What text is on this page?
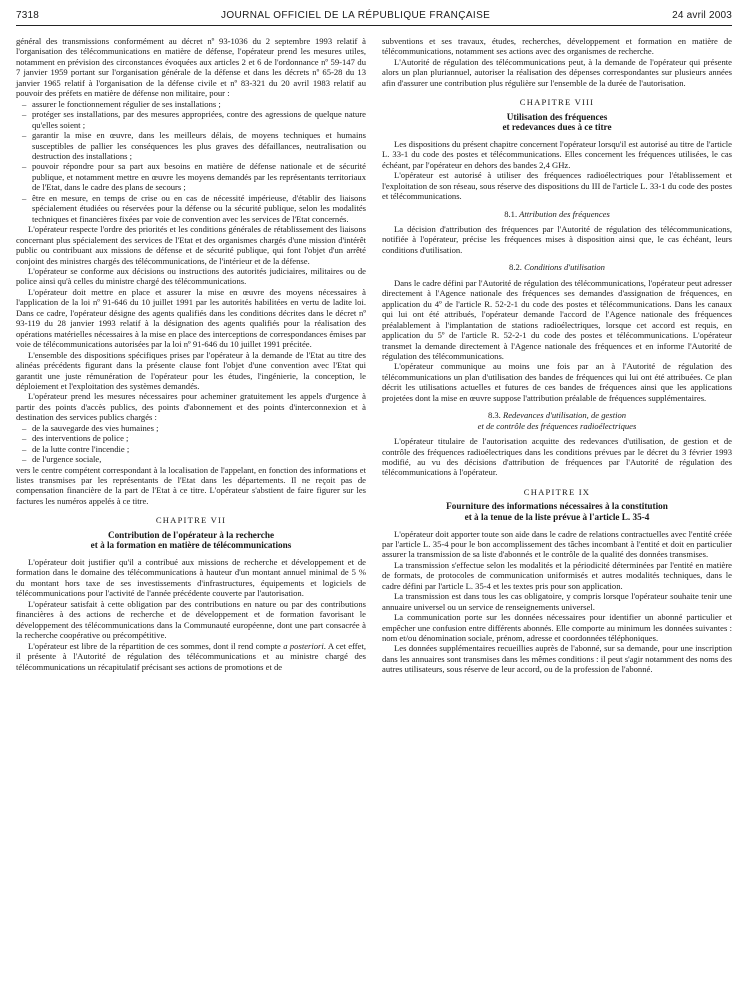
7318	JOURNAL OFFICIEL DE LA RÉPUBLIQUE FRANÇAISE	24 avril 2003

général des transmissions conformément au décret nº 93-1036 du 2 septembre 1993 relatif à l'organisation des télécommunications en matière de défense, l'opérateur prend les mesures utiles, notamment en prévision des circonstances évoquées aux articles 2 et 6 de l'ordonnance nº 59-147 du 7 janvier 1959 portant sur l'organisation générale de la défense et dans les décrets nº 65-28 du 13 janvier 1965 relatif à l'organisation de la défense civile et nº 83-321 du 20 avril 1983 relatif au pouvoir des préfets en matière de défense non militaire, pour :

– assurer le fonctionnement régulier de ses installations ;
– protéger ses installations, par des mesures appropriées, contre des agressions de quelque nature qu'elles soient ;
– garantir la mise en œuvre, dans les meilleurs délais, de moyens techniques et humains susceptibles de pallier les conséquences les plus graves des défaillances, neutralisation ou destruction des installations ;
– pouvoir répondre pour sa part aux besoins en matière de défense nationale et de sécurité publique, et notamment mettre en œuvre les moyens demandés par les représentants territoriaux de l'Etat, dans le cadre des plans de secours ;
– être en mesure, en temps de crise ou en cas de nécessité impérieuse, d'établir des liaisons spécialement étudiées ou réservées pour la défense ou la sécurité publique, selon les modalités techniques et financières fixées par voie de convention avec les services de l'Etat concernés.

L'opérateur respecte l'ordre des priorités et les conditions générales de rétablissement des liaisons concernant plus spécialement des services de l'Etat et des organismes chargés d'une mission d'intérêt public ou contribuant aux missions de défense et de sécurité publique, qui font l'objet d'un arrêté conjoint des ministres chargés des télécommunications, de l'intérieur et de la défense.

L'opérateur se conforme aux décisions ou instructions des autorités judiciaires, militaires ou de police ainsi qu'à celles du ministre chargé des télécommunications.

L'opérateur doit mettre en place et assurer la mise en œuvre des moyens nécessaires à l'application de la loi nº 91-646 du 10 juillet 1991 par les autorités habilitées en vertu de ladite loi. Dans ce cadre, l'opérateur désigne des agents qualifiés dans les conditions décrites dans le décret nº 93-119 du 28 janvier 1993 relatif à la désignation des agents qualifiés pour la réalisation des opérations matérielles nécessaires à la mise en place des interceptions de correspondances émises par voie de télécommunications autorisées par la loi nº 91-646 du 10 juillet 1991 précitée.

L'ensemble des dispositions spécifiques prises par l'opérateur à la demande de l'Etat au titre des alinéas précédents figurant dans la présente clause font l'objet d'une convention avec l'Etat qui garantit une juste rémunération de l'opérateur pour les études, l'ingénierie, la conception, le déploiement et l'exploitation des systèmes demandés.

L'opérateur prend les mesures nécessaires pour acheminer gratuitement les appels d'urgence à partir des points d'accès publics, des points d'abonnement et des points d'interconnexion et à destination des services publics chargés :

– de la sauvegarde des vies humaines ;
– des interventions de police ;
– de la lutte contre l'incendie ;
– de l'urgence sociale,

vers le centre compétent correspondant à la localisation de l'appelant, en fonction des informations et listes transmises par les représentants de l'Etat dans les départements. Il ne reçoit pas de compensation financière de la part de l'Etat à ce titre. L'opérateur s'abstient de faire figurer sur les factures les numéros appelés à ce titre.

CHAPITRE VII
Contribution de l'opérateur à la recherche
et à la formation en matière de télécommunications

L'opérateur doit justifier qu'il a contribué aux missions de recherche et développement et de formation dans le domaine des télécommunications à hauteur d'un montant annuel minimal de 5 % du montant hors taxe de ses investissements d'infrastructures, équipements et logiciels de télécommunications pour l'activité de l'année précédente couverte par l'autorisation.

L'opérateur satisfait à cette obligation par des contributions en nature ou par des contributions financières à des actions de recherche et de développement et de formation favorisant le développement des télécommunications dans la Communauté européenne, dont une part consacrée à la recherche coopérative ou précompétitive.

L'opérateur est libre de la répartition de ces sommes, dont il rend compte a posteriori. A cet effet, il présente à l'Autorité de régulation des télécommunications et au ministre chargé des télécommunications un récapitulatif précisant ses actions de promotions et de

subventions et ses travaux, études, recherches, développement et formation en matière de télécommunications, notamment ses actions avec des organismes de recherche.

L'Autorité de régulation des télécommunications peut, à la demande de l'opérateur qui présente alors un plan pluriannuel, autoriser la réalisation des dépenses correspondantes sur plusieurs années afin d'assurer une contribution plus régulière sur l'ensemble de la durée de l'autorisation.

CHAPITRE VIII
Utilisation des fréquences
et redevances dues à ce titre

Les dispositions du présent chapitre concernent l'opérateur lorsqu'il est autorisé au titre de l'article L. 33-1 du code des postes et télécommunications. Elles concernent les fréquences utilisées, le cas échéant, par l'opérateur en dehors des bandes 2,4 GHz.

L'opérateur est autorisé à utiliser des fréquences radioélectriques pour l'établissement et l'exploitation de son réseau, sous réserve des dispositions du III de l'article L. 33-1 du code des postes et télécommunications.

8.1. Attribution des fréquences

La décision d'attribution des fréquences par l'Autorité de régulation des télécommunications, notifiée à l'opérateur, précise les fréquences mises à disposition ainsi que, le cas échéant, leurs conditions d'utilisation.

8.2. Conditions d'utilisation

Dans le cadre défini par l'Autorité de régulation des télécommunications, l'opérateur peut adresser directement à l'Agence nationale des fréquences ses demandes d'assignation de fréquences, en application du 4º de l'article R. 52-2-1 du code des postes et télécommunications. Dans les canaux qui lui ont été attribués, l'opérateur demande l'accord de l'Agence nationale des fréquences préalablement à l'implantation de stations radioélectriques, lorsque cet accord est requis, en application du 5º de l'article R. 52-2-1 du code des postes et télécommunications. L'opérateur transmet la demande directement à l'Agence nationale des fréquences et en informe l'Autorité de régulation des télécommunications.

L'opérateur communique au moins une fois par an à l'Autorité de régulation des télécommunications un plan d'utilisation des bandes de fréquences qui lui ont été attribuées. Ce plan décrit les utilisations actuelles et futures de ces bandes de fréquences ainsi que les applications projetées dont la mise en œuvre suppose l'attribution préalable de fréquences supplémentaires.

8.3. Redevances d'utilisation, de gestion
et de contrôle des fréquences radioélectriques

L'opérateur titulaire de l'autorisation acquitte des redevances d'utilisation, de gestion et de contrôle des fréquences radioélectriques dans les conditions prévues par le décret du 3 février 1993 modifié, au vu des décisions d'attribution de fréquences par l'Autorité de régulation des télécommunications à l'opérateur.

CHAPITRE IX
Fourniture des informations nécessaires à la constitution
et à la tenue de la liste prévue à l'article L. 35-4

L'opérateur doit apporter toute son aide dans le cadre de relations contractuelles avec l'entité créée par l'article L. 35-4 pour le bon accomplissement des tâches incombant à l'entité et doit en particulier assurer la transmission de sa liste d'abonnés et le contrôle de la qualité des données transmises.

La transmission s'effectue selon les modalités et la périodicité déterminées par l'entité en matière de formats, de protocoles de communication uniformisés et autres modalités techniques, dans le cadre défini par l'article L. 35-4 et les textes pris pour son application.

La transmission est dans tous les cas obligatoire, y compris lorsque l'opérateur souhaite tenir une annuaire universel ou un service de renseignements universel.

La communication porte sur les données nécessaires pour identifier un abonné particulier et empêcher une confusion entre différents abonnés. Elle comporte au minimum les données suivantes : nom et/ou dénomination sociale, prénom, adresse et coordonnées téléphoniques.

Les données supplémentaires recueillies auprès de l'abonné, sur sa demande, pour une inscription dans les annuaires sont transmises dans les mêmes conditions : il peut s'agir notamment des noms des autres utilisateurs, sous réserve de leur accord, ou de la profession de l'abonné.
